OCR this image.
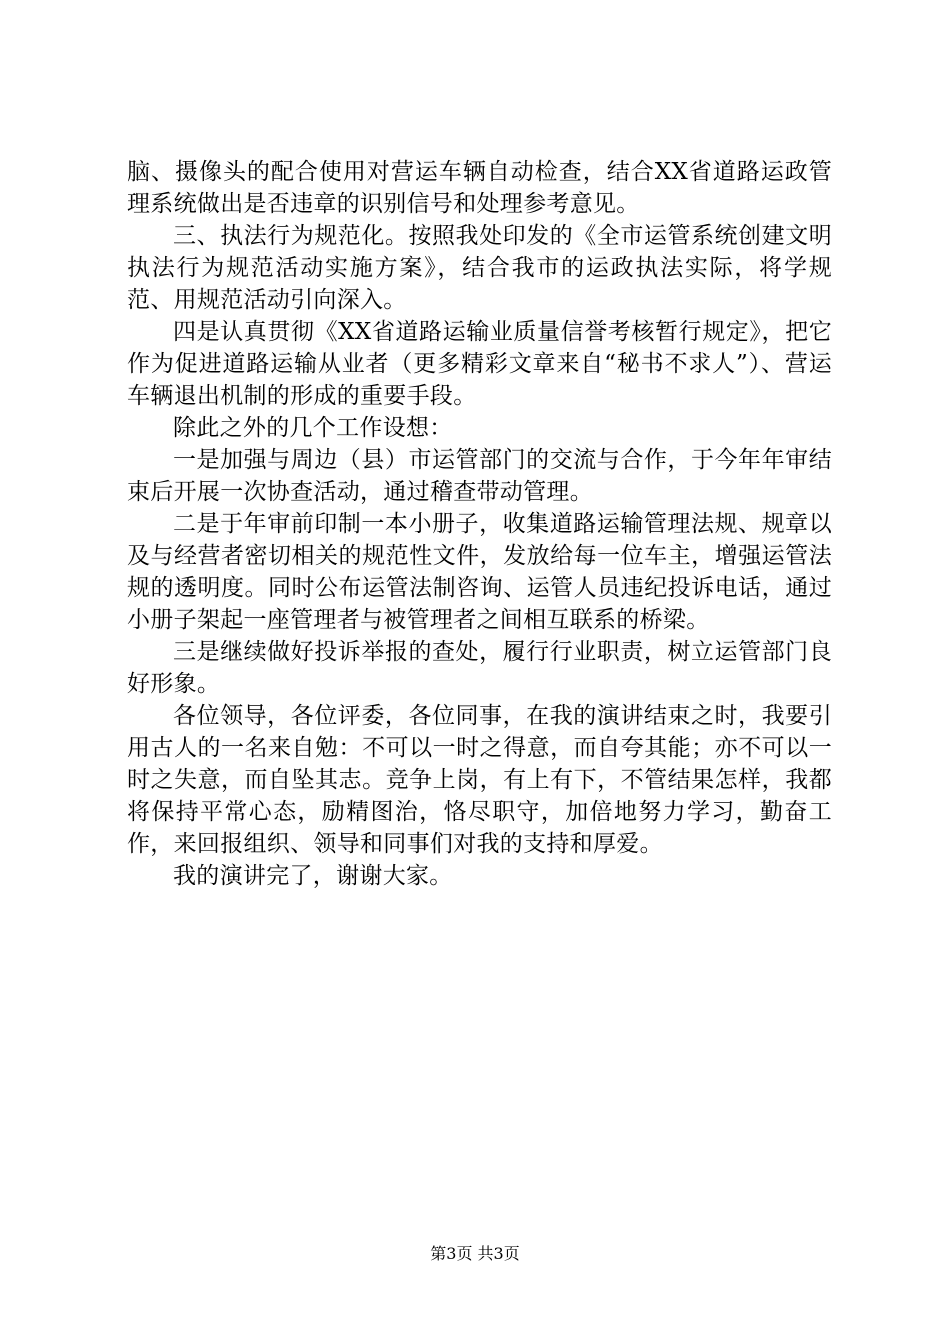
脑、摄像头的配合使用对营运车辆自动检查，结合XX省道路运政管理系统做出是否违章的识别信号和处理参考意见。

三、执法行为规范化。按照我处印发的《全市运管系统创建文明执法行为规范活动实施方案》，结合我市的运政执法实际，将学规范、用规范活动引向深入。

四是认真贯彻《XX省道路运输业质量信誉考核暂行规定》，把它作为促进道路运输从业者（更多精彩文章来自“秘书不求人”）、营运车辆退出机制的形成的重要手段。

除此之外的几个工作设想：

一是加强与周边（县）市运管部门的交流与合作，于今年年审结束后开展一次协查活动，通过稽查带动管理。

二是于年审前印制一本小册子，收集道路运输管理法规、规章以及与经营者密切相关的规范性文件，发放给每一位车主，增强运管法规的透明度。同时公布运管法制咨询、运管人员违纪投诉电话，通过小册子架起一座管理者与被管理者之间相互联系的桥梁。

三是继续做好投诉举报的查处，履行行业职责，树立运管部门良好形象。

各位领导，各位评委，各位同事，在我的演讲结束之时，我要引用古人的一名来自勉：不可以一时之得意，而自夸其能；亦不可以一时之失意，而自坠其志。竞争上岗，有上有下，不管结果怎样，我都将保持平常心态，励精图治，恪尽职守，加倍地努力学习，勤奋工作，来回报组织、领导和同事们对我的支持和厚爱。

我的演讲完了，谢谢大家。

第3页 共3页
